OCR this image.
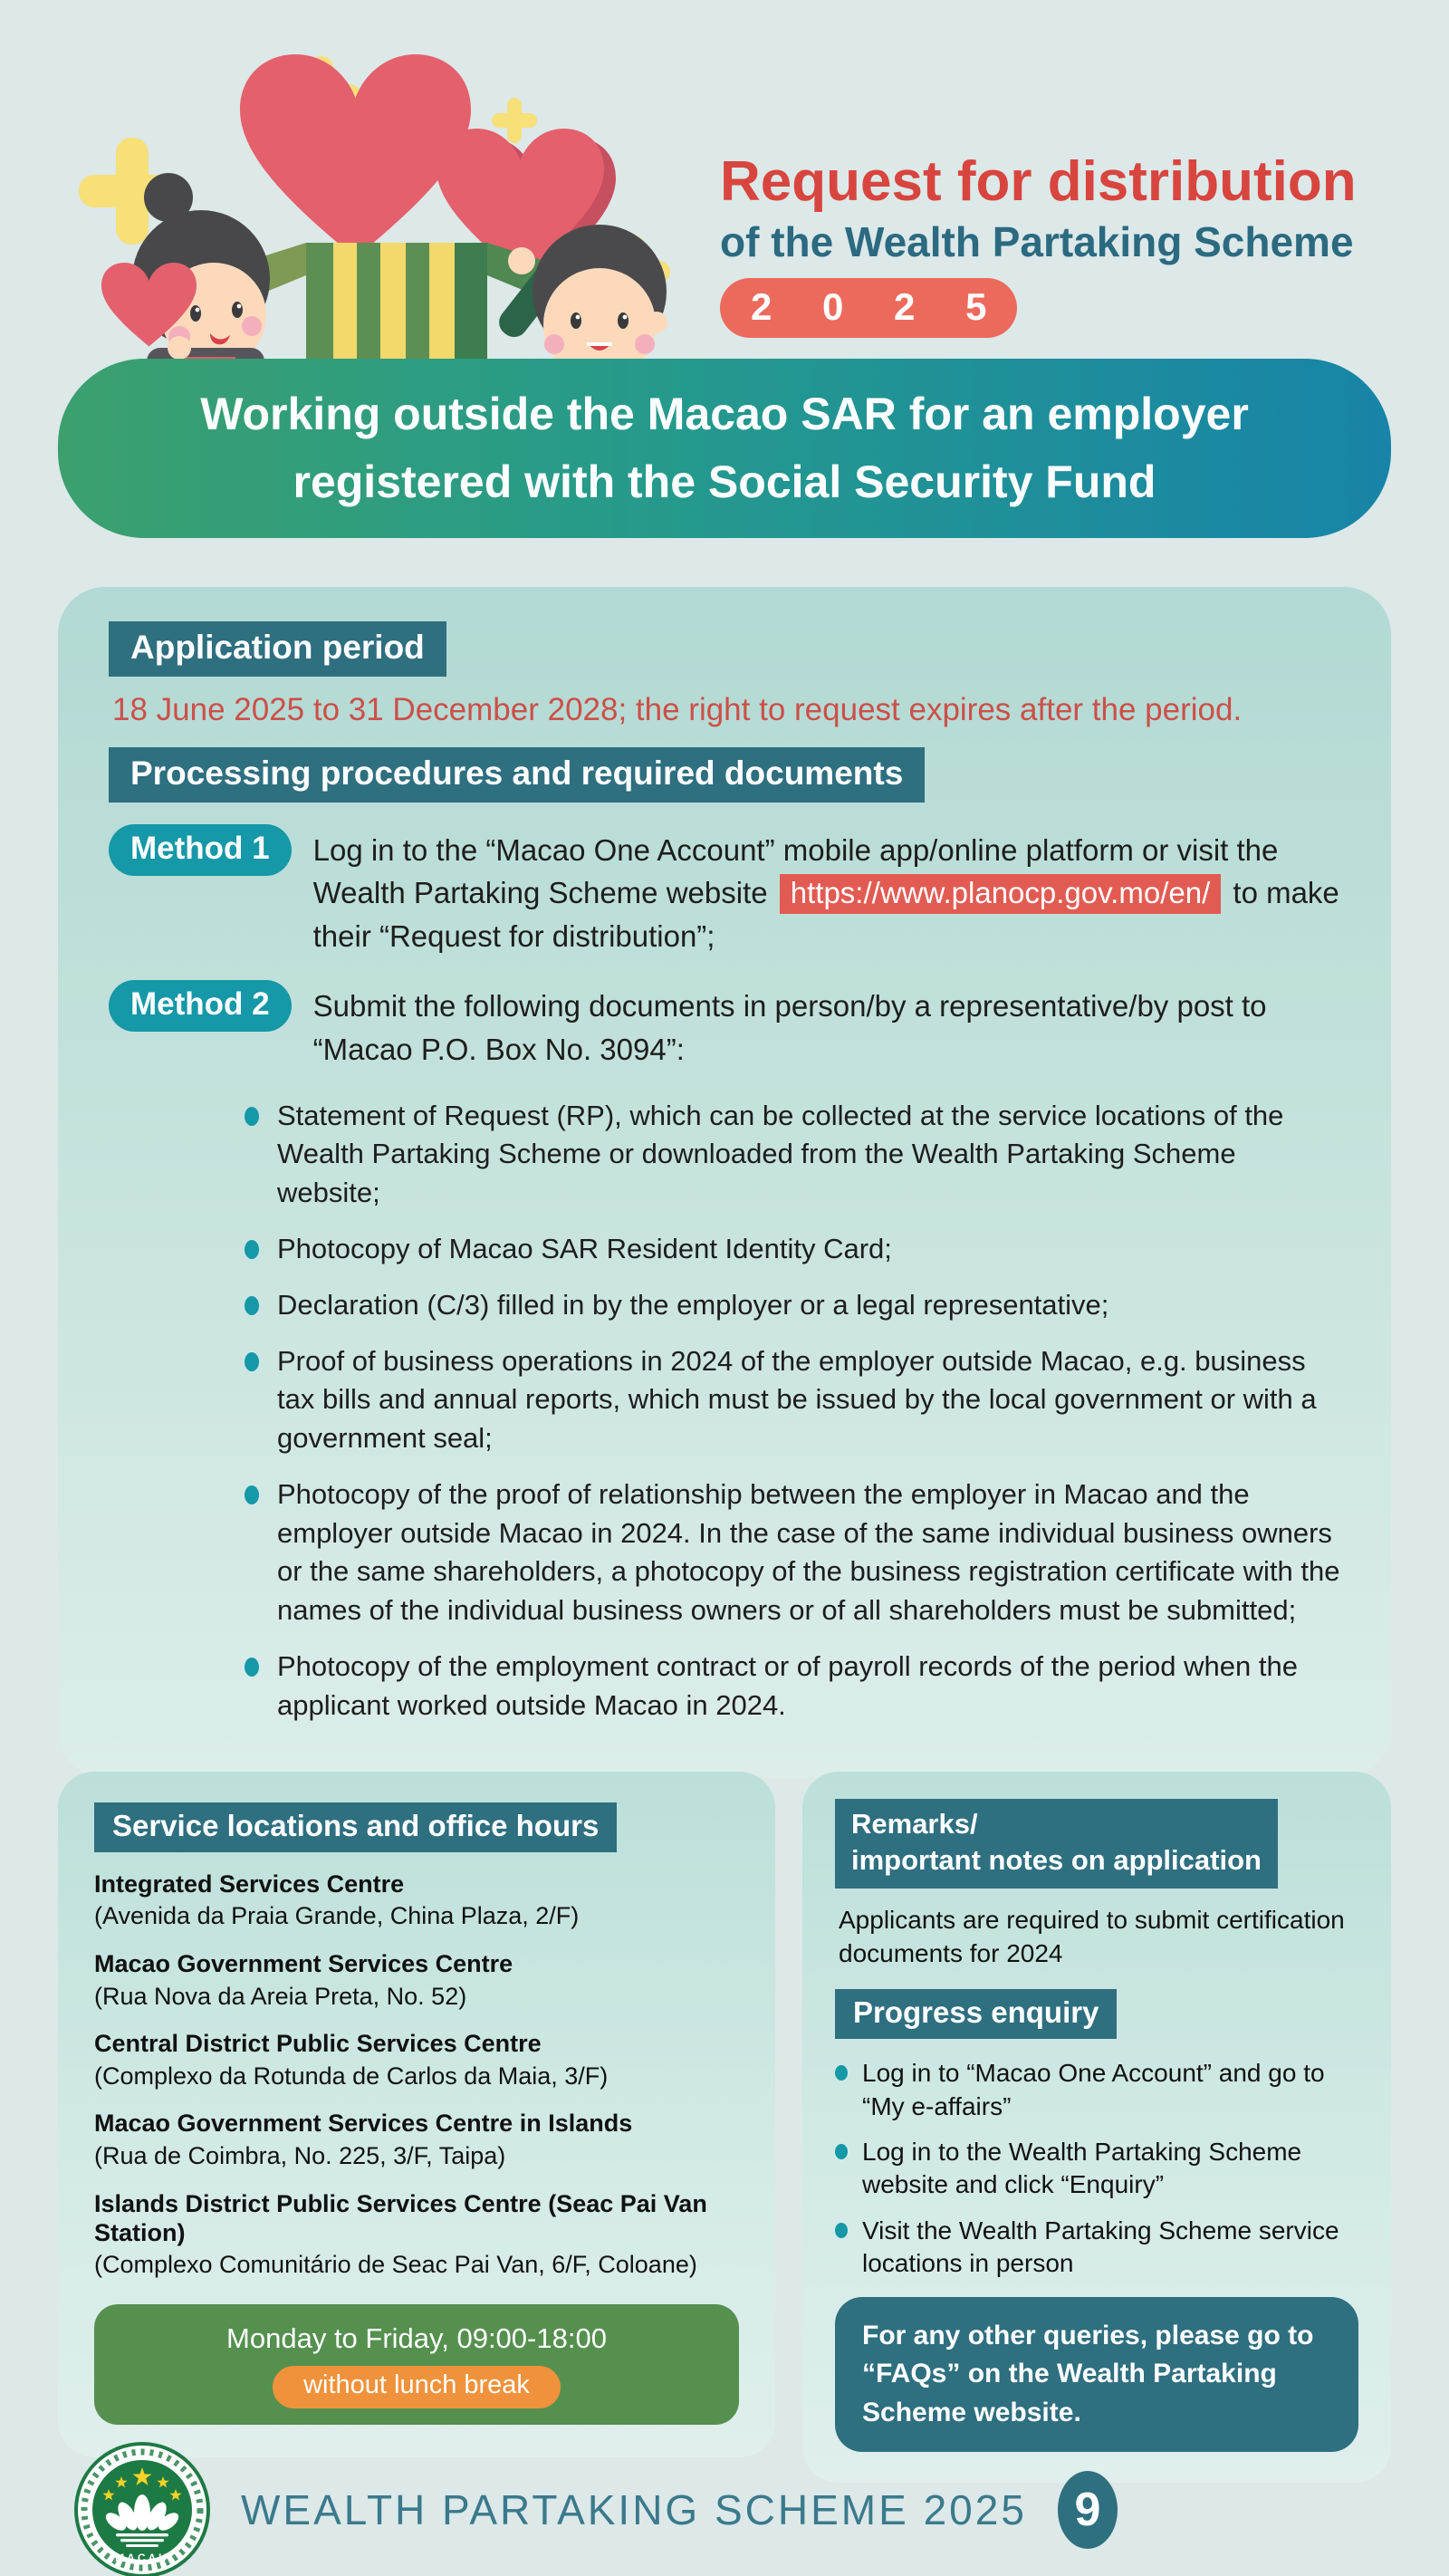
Request for distribution
of the Wealth Partaking Scheme
2 0 2 5
Working outside the Macao SAR for an employer registered with the Social Security Fund
Application period
18 June 2025 to 31 December 2028; the right to request expires after the period.
Processing procedures and required documents
Method 1	Log in to the “Macao One Account” mobile app/online platform or visit the Wealth Partaking Scheme website https://www.planocp.gov.mo/en/ to make their “Request for distribution”;
Method 2	Submit the following documents in person/by a representative/by post to “Macao P.O. Box No. 3094”:
Statement of Request (RP), which can be collected at the service locations of the Wealth Partaking Scheme or downloaded from the Wealth Partaking Scheme website;
Photocopy of Macao SAR Resident Identity Card;
Declaration (C/3) filled in by the employer or a legal representative;
Proof of business operations in 2024 of the employer outside Macao, e.g. business tax bills and annual reports, which must be issued by the local government or with a government seal;
Photocopy of the proof of relationship between the employer in Macao and the employer outside Macao in 2024. In the case of the same individual business owners or the same shareholders, a photocopy of the business registration certificate with the names of the individual business owners or of all shareholders must be submitted;
Photocopy of the employment contract or of payroll records of the period when the applicant worked outside Macao in 2024.
Service locations and office hours
Integrated Services Centre
(Avenida da Praia Grande, China Plaza, 2/F)
Macao Government Services Centre
(Rua Nova da Areia Preta, No. 52)
Central District Public Services Centre
(Complexo da Rotunda de Carlos da Maia, 3/F)
Macao Government Services Centre in Islands
(Rua de Coimbra, No. 225, 3/F, Taipa)
Islands District Public Services Centre (Seac Pai Van Station)
(Complexo Comunitário de Seac Pai Van, 6/F, Coloane)
Monday to Friday, 09:00-18:00
without lunch break
Remarks/
important notes on application
Applicants are required to submit certification documents for 2024
Progress enquiry
Log in to “Macao One Account” and go to “My e-affairs”
Log in to the Wealth Partaking Scheme website and click “Enquiry”
Visit the Wealth Partaking Scheme service locations in person
For any other queries, please go to “FAQs” on the Wealth Partaking Scheme website.
MACAU
WEALTH PARTAKING SCHEME 2025	9
